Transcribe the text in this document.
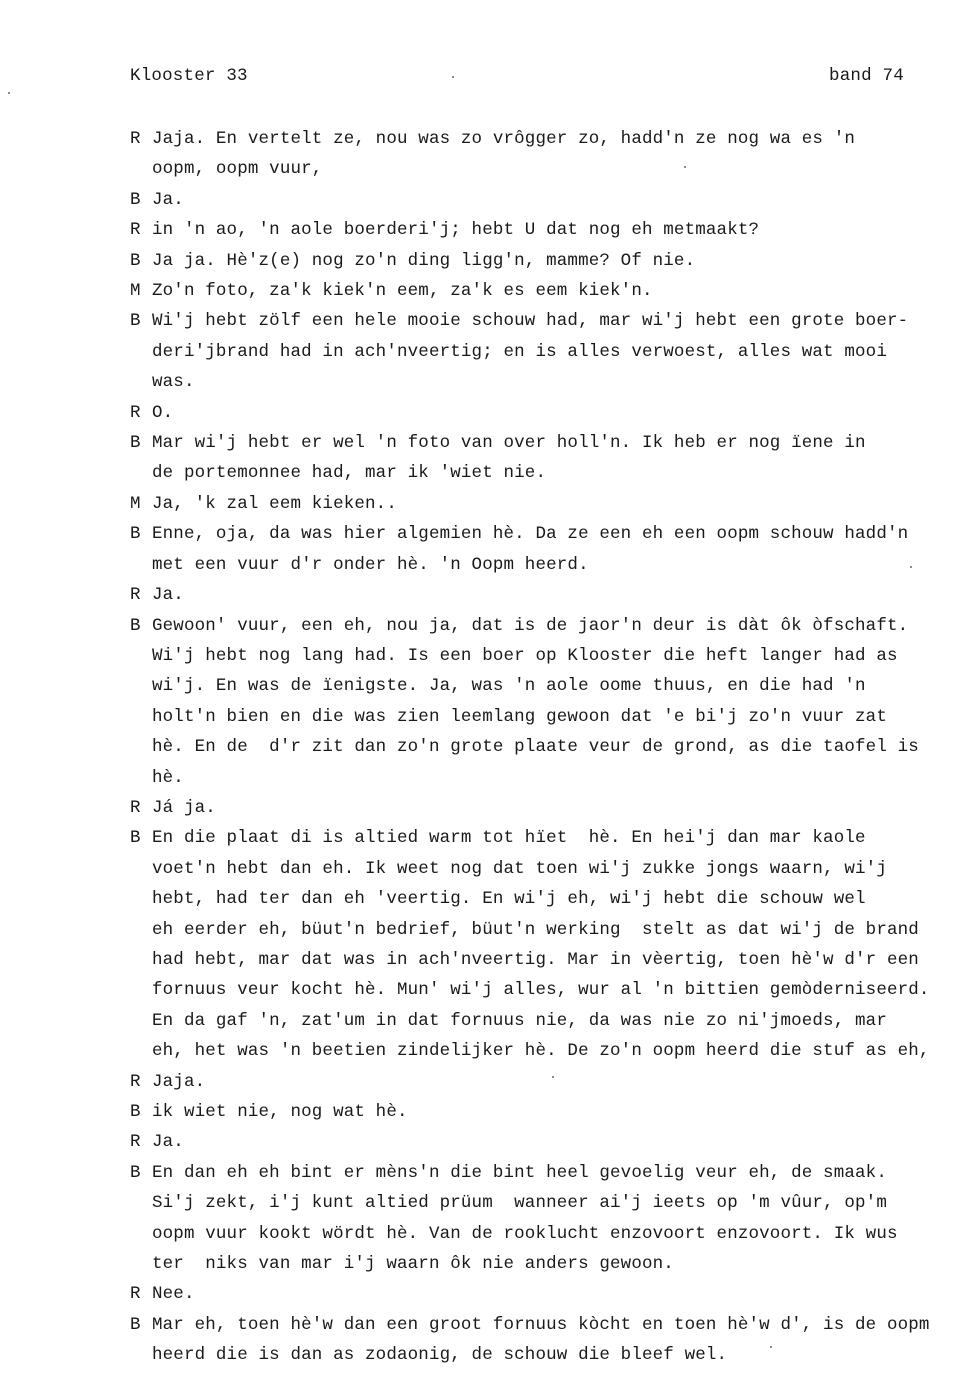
Klooster 33	band 74
R Jaja. En vertelt ze, nou was zo vrôgger zo, hadd'n ze nog wa es 'n
oopm, oopm vuur,
B Ja.
R in 'n ao, 'n aole boerderi'j; hebt U dat nog eh metmaakt?
B Ja ja. Hè'z(e) nog zo'n ding ligg'n, mamme? Of nie.
M Zo'n foto, za'k kiek'n eem, za'k es eem kiek'n.
B Wi'j hebt zölf een hele mooie schouw had, mar wi'j hebt een grote boer-
deri'jbrand had in ach'nveertig; en is alles verwoest, alles wat mooi
was.
R O.
B Mar wi'j hebt er wel 'n foto van over holl'n. Ik heb er nog ïene in
de portemonnee had, mar ik 'wiet nie.
M Ja, 'k zal eem kieken..
B Enne, oja, da was hier algemien hè. Da ze een eh een oopm schouw hadd'n
met een vuur d'r onder hè. 'n Oopm heerd.
R Ja.
B Gewoon' vuur, een eh, nou ja, dat is de jaor'n deur is dàt ôk òfschaft.
Wi'j hebt nog lang had. Is een boer op Klooster die heft langer had as
wi'j. En was de ïenigste. Ja, was 'n aole oome thuus, en die had 'n
holt'n bien en die was zien leemlang gewoon dat 'e bi'j zo'n vuur zat
hè. En de  d'r zit dan zo'n grote plaate veur de grond, as die taofel is
hè.
R Já ja.
B En die plaat di is altied warm tot hïet  hè. En hei'j dan mar kaole
voet'n hebt dan eh. Ik weet nog dat toen wi'j zukke jongs waarn, wi'j
hebt, had ter dan eh 'veertig. En wi'j eh, wi'j hebt die schouw wel
eh eerder eh, büut'n bedrief, büut'n werking  stelt as dat wi'j de brand
had hebt, mar dat was in ach'nveertig. Mar in vèertig, toen hè'w d'r een
fornuus veur kocht hè. Mun' wi'j alles, wur al 'n bittien gemòderniseerd.
En da gaf 'n, zat'um in dat fornuus nie, da was nie zo ni'jmoeds, mar
eh, het was 'n beetien zindelijker hè. De zo'n oopm heerd die stuf as eh,
R Jaja.
B ik wiet nie, nog wat hè.
R Ja.
B En dan eh eh bint er mèns'n die bint heel gevoelig veur eh, de smaak.
Si'j zekt, i'j kunt altied prüum  wanneer ai'j ieets op 'm vûur, op'm
oopm vuur kookt wördt hè. Van de rooklucht enzovoort enzovoort. Ik wus
ter  niks van mar i'j waarn ôk nie anders gewoon.
R Nee.
B Mar eh, toen hè'w dan een groot fornuus kòcht en toen hè'w d', is de oopm
heerd die is dan as zodaonig, de schouw die bleef wel.
